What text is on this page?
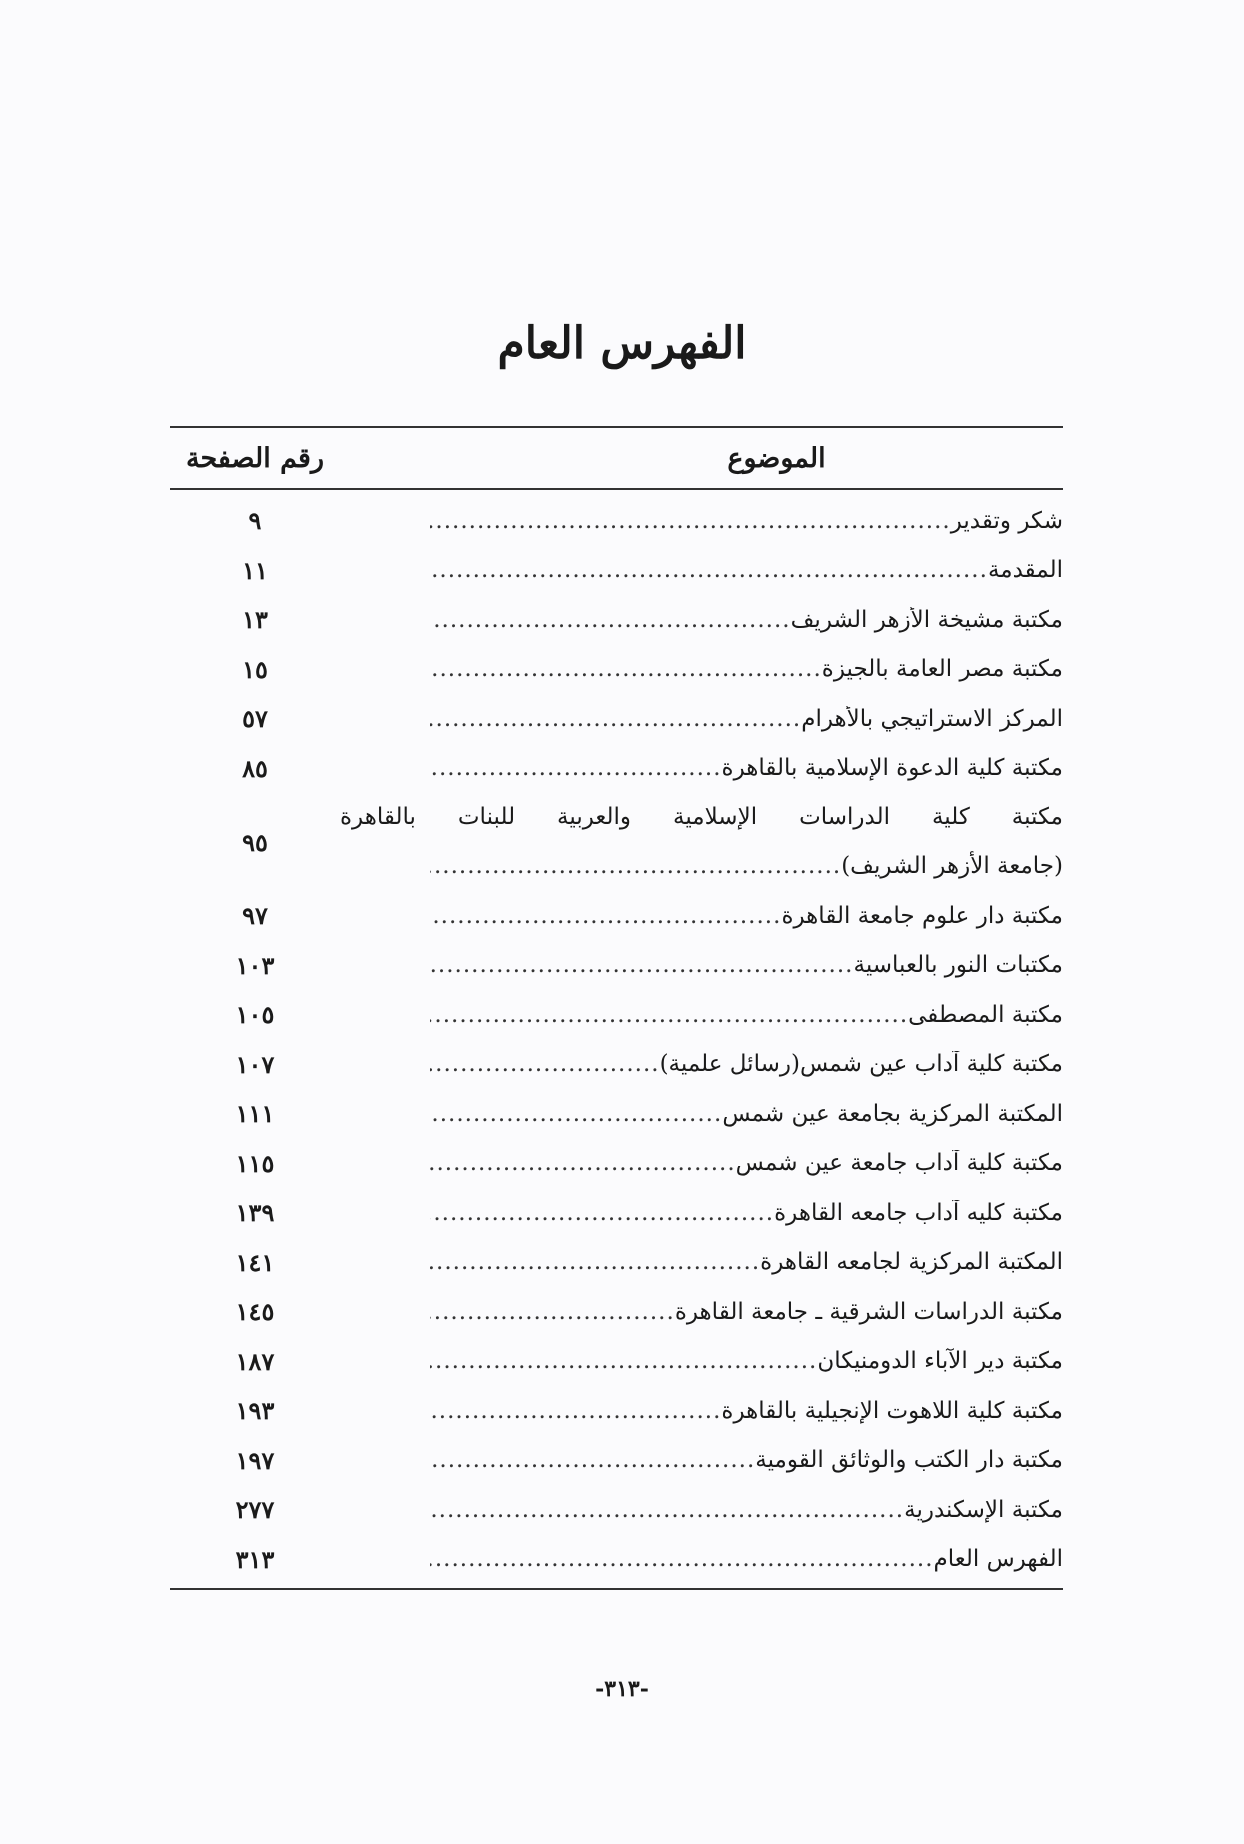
الفهرس العام
الموضوع
رقم الصفحة
شكر وتقدير
.....
٩
المقدمة
.....
١١
مكتبة مشيخة الأزهر الشريف
.....
١٣
مكتبة مصر العامة بالجيزة
.....
١٥
المركز الاستراتيجي بالأهرام
.....
٥٧
مكتبة كلية الدعوة الإسلامية بالقاهرة
.....
٨٥
مكتبة كلية الدراسات الإسلامية والعربية للبنات بالقاهرة
(جامعة الأزهر الشريف)
.....
٩٥
مكتبة دار علوم جامعة القاهرة
.....
٩٧
مكتبات النور بالعباسية
.....
١٠٣
مكتبة المصطفى
.....
١٠٥
مكتبة كلية آداب عين شمس(رسائل علمية)
.....
١٠٧
المكتبة المركزية بجامعة عين شمس
.....
١١١
مكتبة كلية آداب جامعة عين شمس
.....
١١٥
مكتبة كليه آداب جامعه القاهرة
.....
١٣٩
المكتبة المركزية لجامعه القاهرة
.....
١٤١
مكتبة الدراسات الشرقية ـ جامعة القاهرة
.....
١٤٥
مكتبة دير الآباء الدومنيكان
.....
١٨٧
مكتبة كلية اللاهوت الإنجيلية بالقاهرة
.....
١٩٣
مكتبة دار الكتب والوثائق القومية
.....
١٩٧
مكتبة الإسكندرية
.....
٢٧٧
الفهرس العام
.....
٣١٣
-٣١٣-
